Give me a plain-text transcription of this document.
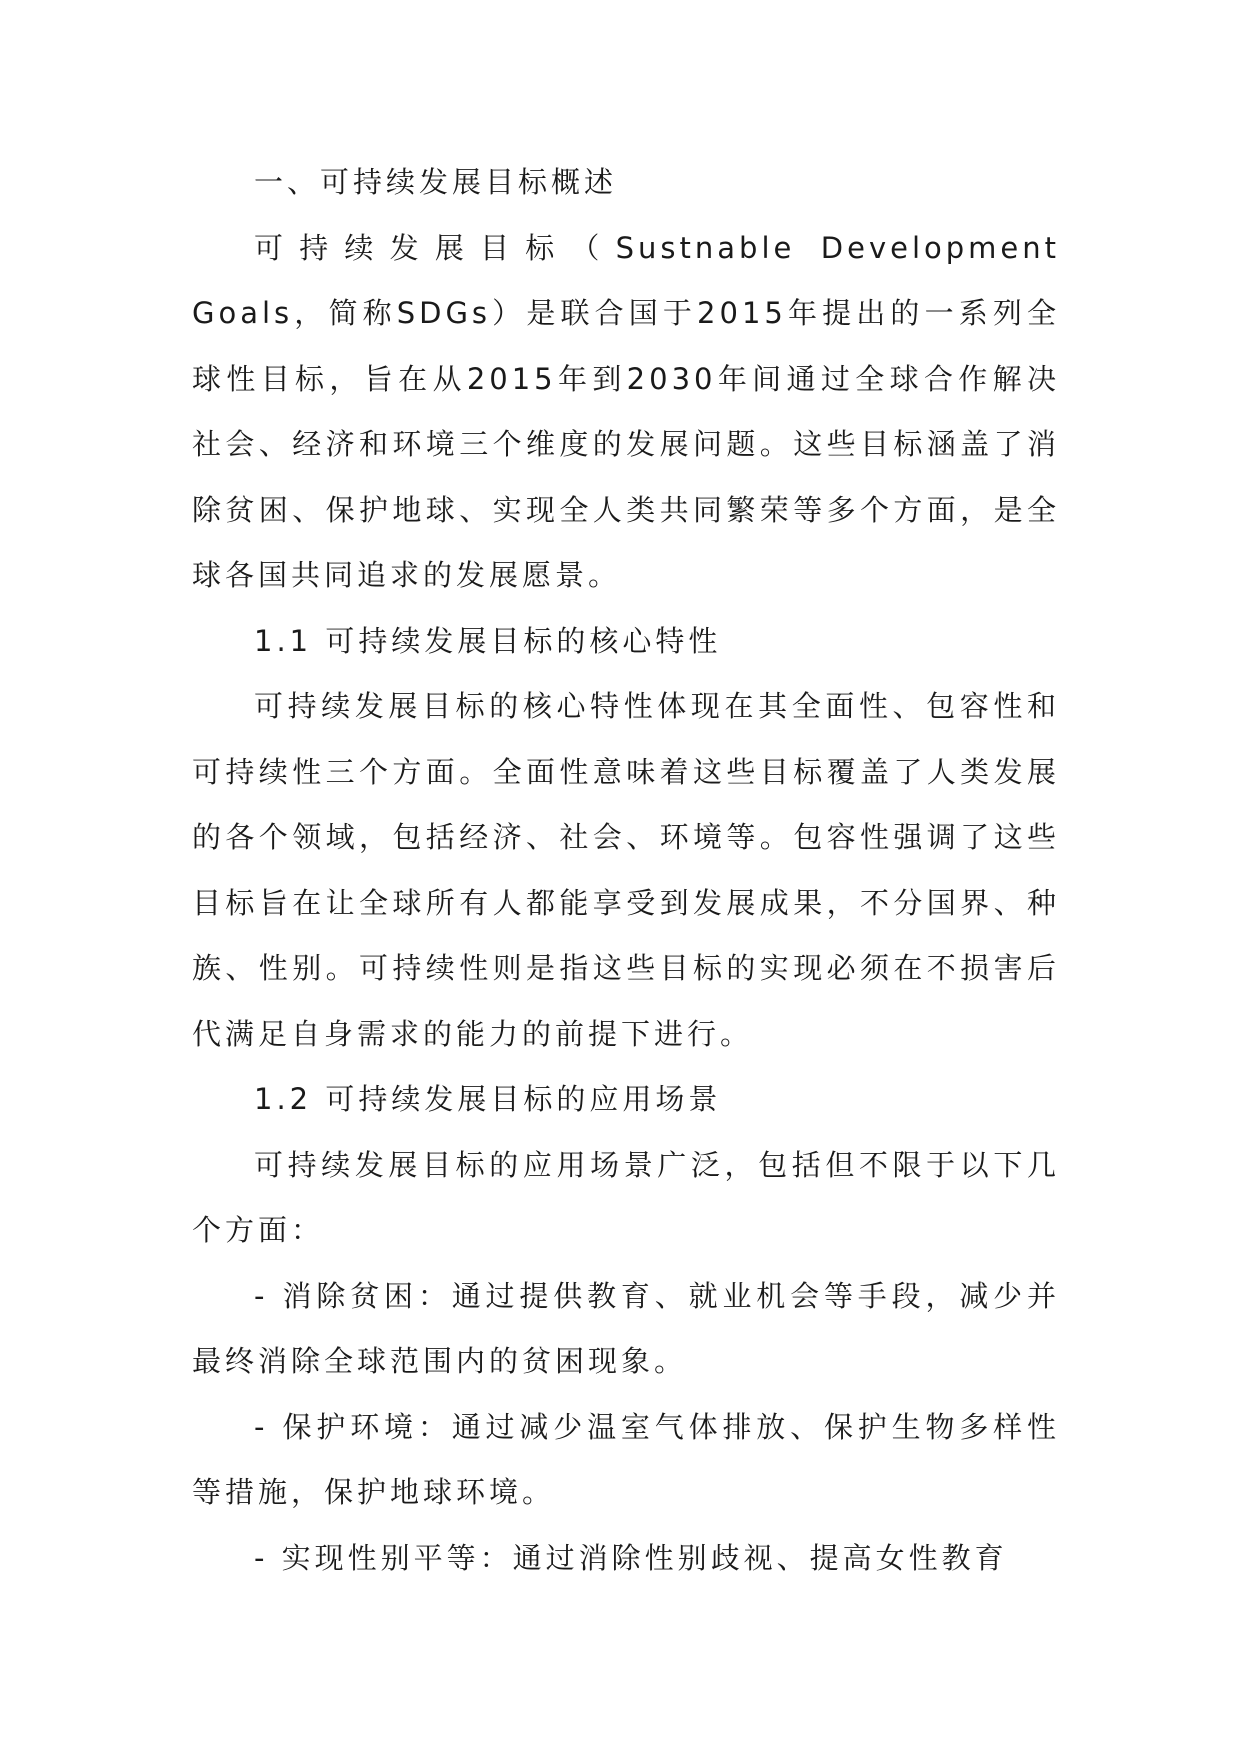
一、可持续发展目标概述

可持续发展目标（Sustnable Development Goals，简称SDGs）是联合国于2015年提出的一系列全球性目标，旨在从2015年到2030年间通过全球合作解决社会、经济和环境三个维度的发展问题。这些目标涵盖了消除贫困、保护地球、实现全人类共同繁荣等多个方面，是全球各国共同追求的发展愿景。

1.1 可持续发展目标的核心特性

可持续发展目标的核心特性体现在其全面性、包容性和可持续性三个方面。全面性意味着这些目标覆盖了人类发展的各个领域，包括经济、社会、环境等。包容性强调了这些目标旨在让全球所有人都能享受到发展成果，不分国界、种族、性别。可持续性则是指这些目标的实现必须在不损害后代满足自身需求的能力的前提下进行。

1.2 可持续发展目标的应用场景

可持续发展目标的应用场景广泛，包括但不限于以下几个方面：

- 消除贫困：通过提供教育、就业机会等手段，减少并最终消除全球范围内的贫困现象。

- 保护环境：通过减少温室气体排放、保护生物多样性等措施，保护地球环境。

- 实现性别平等：通过消除性别歧视、提高女性教育
